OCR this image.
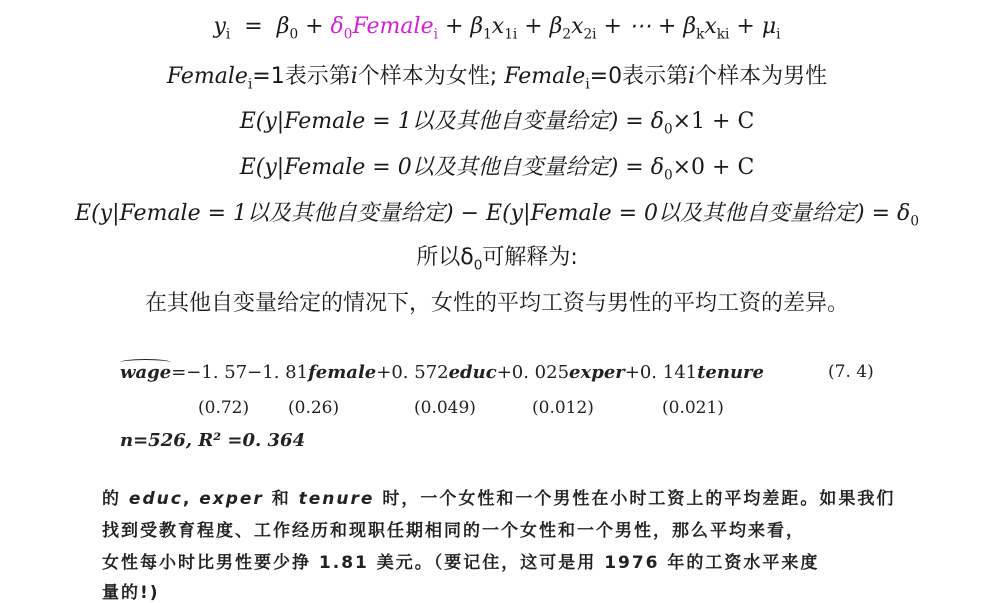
$y_i = \beta_0$ + $\delta_0Female_i + \beta_1x_{1i} + \beta_2x_{2i}$ + ⋯ + $\beta_kx_{ki} + \mu_i$
Female$_i$=1表示第i个样本为女性; Female$_i$=0表示第i个样本为男性
E(y|Female = 1以及其他自变量给定) = $\delta_0\times 1 + C$
E(y|Female = 0以及其他自变量给定) = $\delta_0\times 0 + C$
E(y|Female = 1以及其他自变量给定) − E(y|Female = 0以及其他自变量给定) = $\delta_0$
所以$\delta_0$可解释为:
在其他自变量给定的情况下，女性的平均工资与男性的平均工资的差异。
wage=−1. 57−1. 81female+0. 572educ+0. 025exper+0. 141tenure	(7. 4)
(0.72) (0.26)	(0.049)	(0.012)	(0.021)
n=526, R² =0. 364
的 educ, exper 和 tenure 时，一个女性和一个男性在小时工资上的平均差距。如果我们
找到受教育程度、工作经历和现职任期相同的一个女性和一个男性，那么平均来看，
女性每小时比男性要少挣 1.81 美元。（要记住，这可是用 1976 年的工资水平来度
量的!)
